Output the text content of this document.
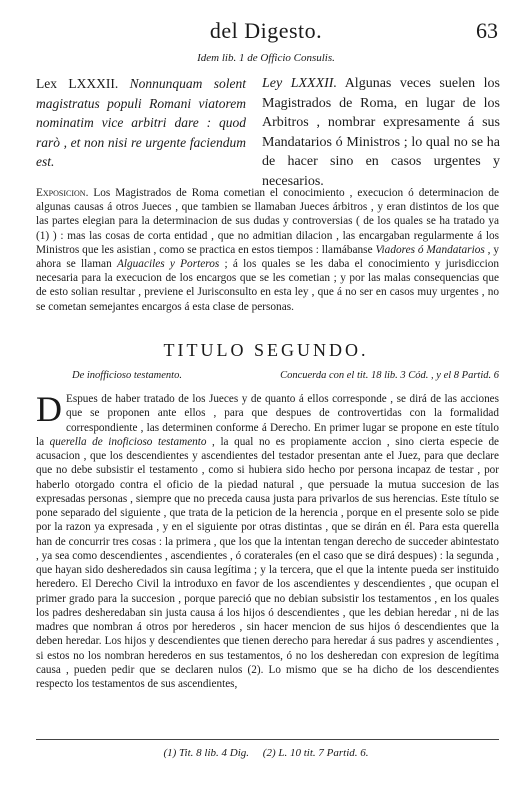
del Digesto.	63
Idem lib. 1 de Officio Consulis.
Lex LXXXII. Nonnunquam solent magistratus populi Romani viatorem nominatim vice arbitri dare : quod rarò , et non nisi re urgente faciendum est.
Ley LXXXII. Algunas veces suelen los Magistrados de Roma, en lugar de los Arbitros , nombrar expresamente á sus Mandatarios ó Ministros ; lo qual no se ha de hacer sino en casos urgentes y necesarios.
Exposicion. Los Magistrados de Roma cometian el conocimiento , execucion ó determinacion de algunas causas á otros Jueces , que tambien se llamaban Jueces árbitros , y eran distintos de los que las partes elegian para la determinacion de sus dudas y controversias ( de los quales se ha tratado ya (1) ) : mas las cosas de corta entidad , que no admitian dilacion , las encargaban regularmente á los Ministros que les asistian , como se practica en estos tiempos : llamábanse Viadores ó Mandatarios , y ahora se llaman Alguaciles y Porteros ; á los quales se les daba el conocimiento y jurisdiccion necesaria para la execucion de los encargos que se les cometian ; y por las malas consequencias que de esto solian resultar , previene el Jurisconsulto en esta ley , que á no ser en casos muy urgentes , no se cometan semejantes encargos á esta clase de personas.
TITULO SEGUNDO.
De inofficioso testamento.	Concuerda con el tit. 18 lib. 3 Cód. , y el 8 Partid. 6
D Espues de haber tratado de los Jueces y de quanto á ellos corresponde , se dirá de las acciones que se proponen ante ellos , para que despues de controvertidas con la formalidad correspondiente , las determinen conforme á Derecho. En primer lugar se propone en este título la querella de inoficioso testamento , la qual no es propiamente accion , sino cierta especie de acusacion , que los descendientes y ascendientes del testador presentan ante el Juez, para que declare que no debe subsistir el testamento , como si hubiera sido hecho por persona incapaz de testar , por haberlo otorgado contra el oficio de la piedad natural , que persuade la mutua succesion de las expresadas personas , siempre que no preceda causa justa para privarlos de sus herencias. Este título se pone separado del siguiente , que trata de la peticion de la herencia , porque en el presente solo se pide por la razon ya expresada , y en el siguiente por otras distintas , que se dirán en él. Para esta querella han de concurrir tres cosas : la primera , que los que la intentan tengan derecho de succeder abintestato , ya sea como descendientes , ascendientes , ó coraterales (en el caso que se dirá despues) : la segunda , que hayan sido desheredados sin causa legítima ; y la tercera, que el que la intente pueda ser instituido heredero. El Derecho Civil la introduxo en favor de los ascendientes y descendientes , que ocupan el primer grado para la succesion , porque pareció que no debian subsistir los testamentos , en los quales los padres desheredaban sin justa causa á los hijos ó descendientes , que les debian heredar , ni de las madres que nombran á otros por herederos , sin hacer mencion de sus hijos ó descendientes que la deben heredar. Los hijos y descendientes que tienen derecho para heredar á sus padres y ascendientes , si estos no los nombran herederos en sus testamentos, ó no los desheredan con expresion de legítima causa , pueden pedir que se declaren nulos (2). Lo mismo que se ha dicho de los descendientes respecto los testamentos de sus ascendientes,
(1) Tit. 8 lib. 4 Dig. (2) L. 10 tit. 7 Partid. 6.
